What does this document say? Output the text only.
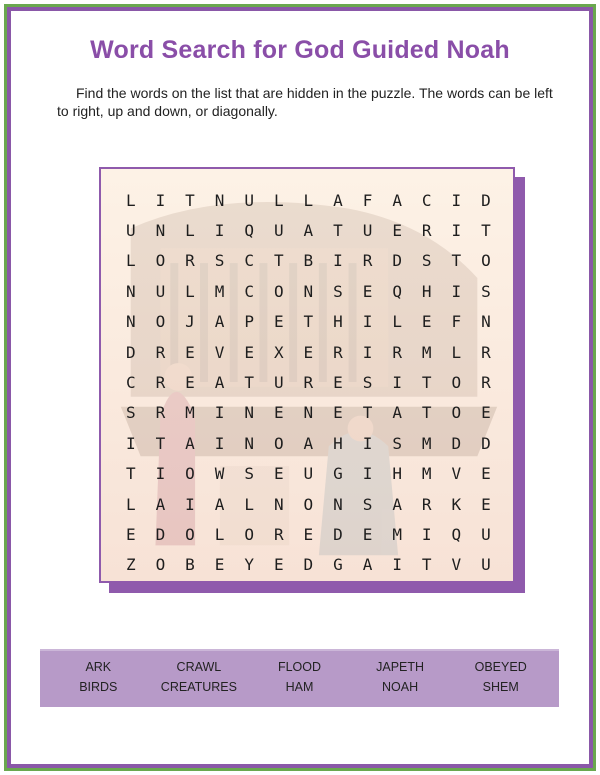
Word Search for God Guided Noah
Find the words on the list that are hidden in the puzzle. The words can be left to right, up and down, or diagonally.
L	I	T	N	U	L	L	A	F	A	C	I	D
U	N	L	I	Q	U	A	T	U	E	R	I	T
L	O	R	S	C	T	B	I	R	D	S	T	O
N	U	L	M	C	O	N	S	E	Q	H	I	S
N	O	J	A	P	E	T	H	I	L	E	F	N
D	R	E	V	E	X	E	R	I	R	M	L	R
C	R	E	A	T	U	R	E	S	I	T	O	R
S	R	M	I	N	E	N	E	T	A	T	O	E
I	T	A	I	N	O	A	H	I	S	M	D	D
T	I	O	W	S	E	U	G	I	H	M	V	E
L	A	I	A	L	N	O	N	S	A	R	K	E
E	D	O	L	O	R	E	D	E	M	I	Q	U
Z	O	B	E	Y	E	D	G	A	I	T	V	U
ARK	CRAWL	FLOOD	JAPETH	OBEYED
BIRDS	CREATURES	HAM	NOAH	SHEM
